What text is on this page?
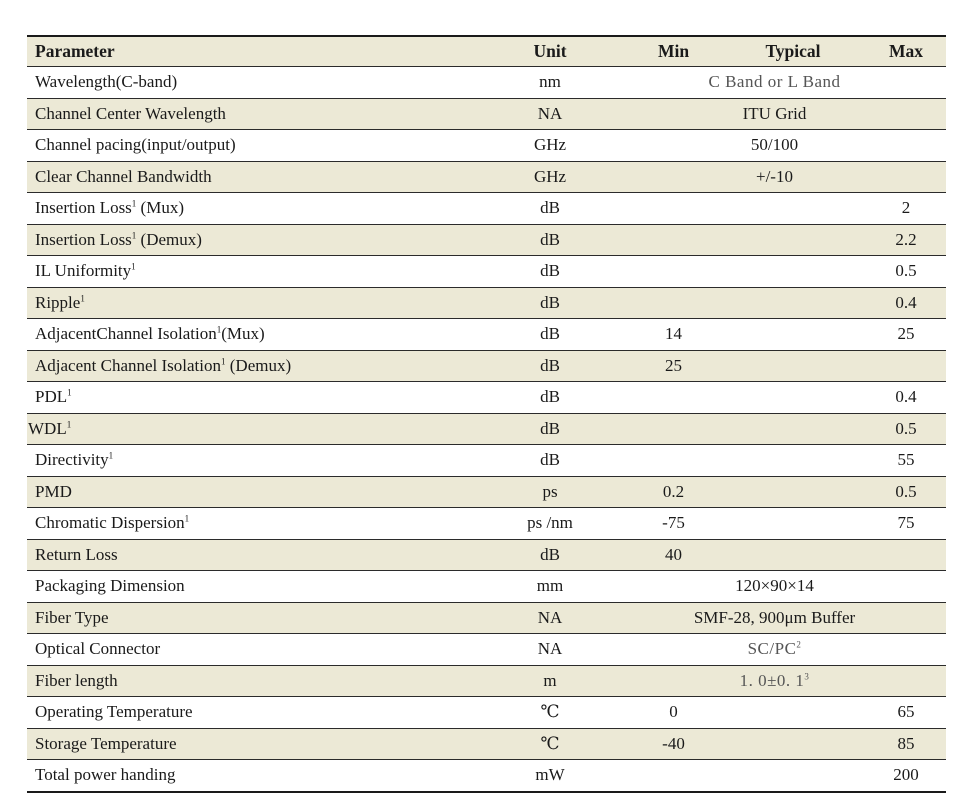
Parameter	Unit	Min	Typical	Max
Wavelength(C-band)	nm	C Band or L Band		
Channel Center Wavelength	NA	ITU Grid		
Channel pacing(input/output)	GHz	50/100		
Clear Channel Bandwidth	GHz	+/-10		
Insertion Loss$^1$ (Mux)	dB			2
Insertion Loss$^1$ (Demux)	dB			2.2
IL Uniformity$^1$	dB			0.5
Ripple$^1$	dB			0.4
AdjacentChannel Isolation$^1$(Mux)	dB	14		25
Adjacent Channel Isolation$^1$ (Demux)	dB	25		
PDL$^1$	dB			0.4
WDL$^1$	dB			0.5
Directivity$^1$	dB			55
PMD	ps	0.2		0.5
Chromatic Dispersion$^1$	ps /nm	-75		75
Return Loss	dB	40		
Packaging Dimension	mm	120×90×14		
Fiber Type	NA	SMF-28, 900μm Buffer		
Optical Connector	NA	$SC/PC^2$
Fiber length	m	1. 0±0. $1^3$
Operating Temperature	℃	0		65
Storage Temperature	℃	-40		85
Total power handing	mW			200
